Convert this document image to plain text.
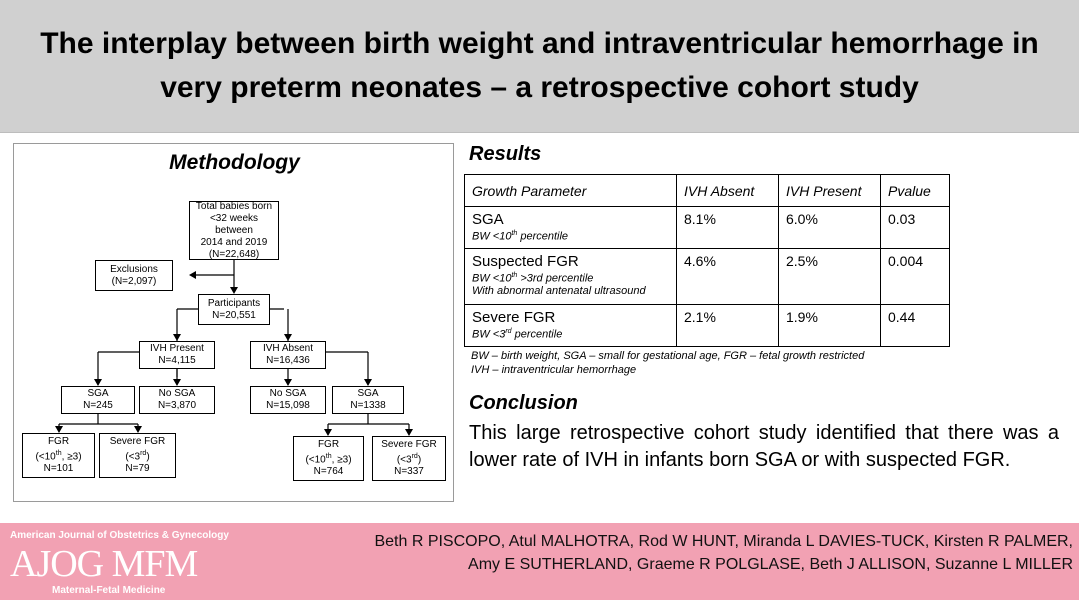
The interplay between birth weight and intraventricular hemorrhage in
very preterm neonates – a retrospective cohort study
Methodology
Total babies born
<32 weeks between
2014 and 2019
(N=22,648)
Exclusions
(N=2,097)
Participants
N=20,551
IVH Present
N=4,115
IVH Absent
N=16,436
SGA
N=245
No SGA
N=3,870
No SGA
N=15,098
SGA
N=1338
FGR
(<10th, ≥3)
N=101
Severe FGR
(<3rd)
N=79
FGR
(<10th, ≥3)
N=764
Severe FGR
(<3rd)
N=337
Results
Growth Parameter	IVH Absent	IVH Present	Pvalue

SGA
BW <10th percentile	8.1%	6.0%	0.03

Suspected FGR
BW <10th >3rd percentile
With abnormal antenatal ultrasound	4.6%	2.5%	0.004

Severe FGR
BW <3rd percentile	2.1%	1.9%	0.44
BW – birth weight, SGA – small for gestational age, FGR – fetal growth restricted
IVH – intraventricular hemorrhage
Conclusion
This large retrospective cohort study identified that there was a lower rate of IVH in infants born SGA or with suspected FGR.
American Journal of Obstetrics & Gynecology
AJOG MFM
Maternal-Fetal Medicine
Beth R PISCOPO, Atul MALHOTRA, Rod W HUNT, Miranda L DAVIES-TUCK, Kirsten R PALMER,
Amy E SUTHERLAND, Graeme R POLGLASE, Beth J ALLISON, Suzanne L MILLER
